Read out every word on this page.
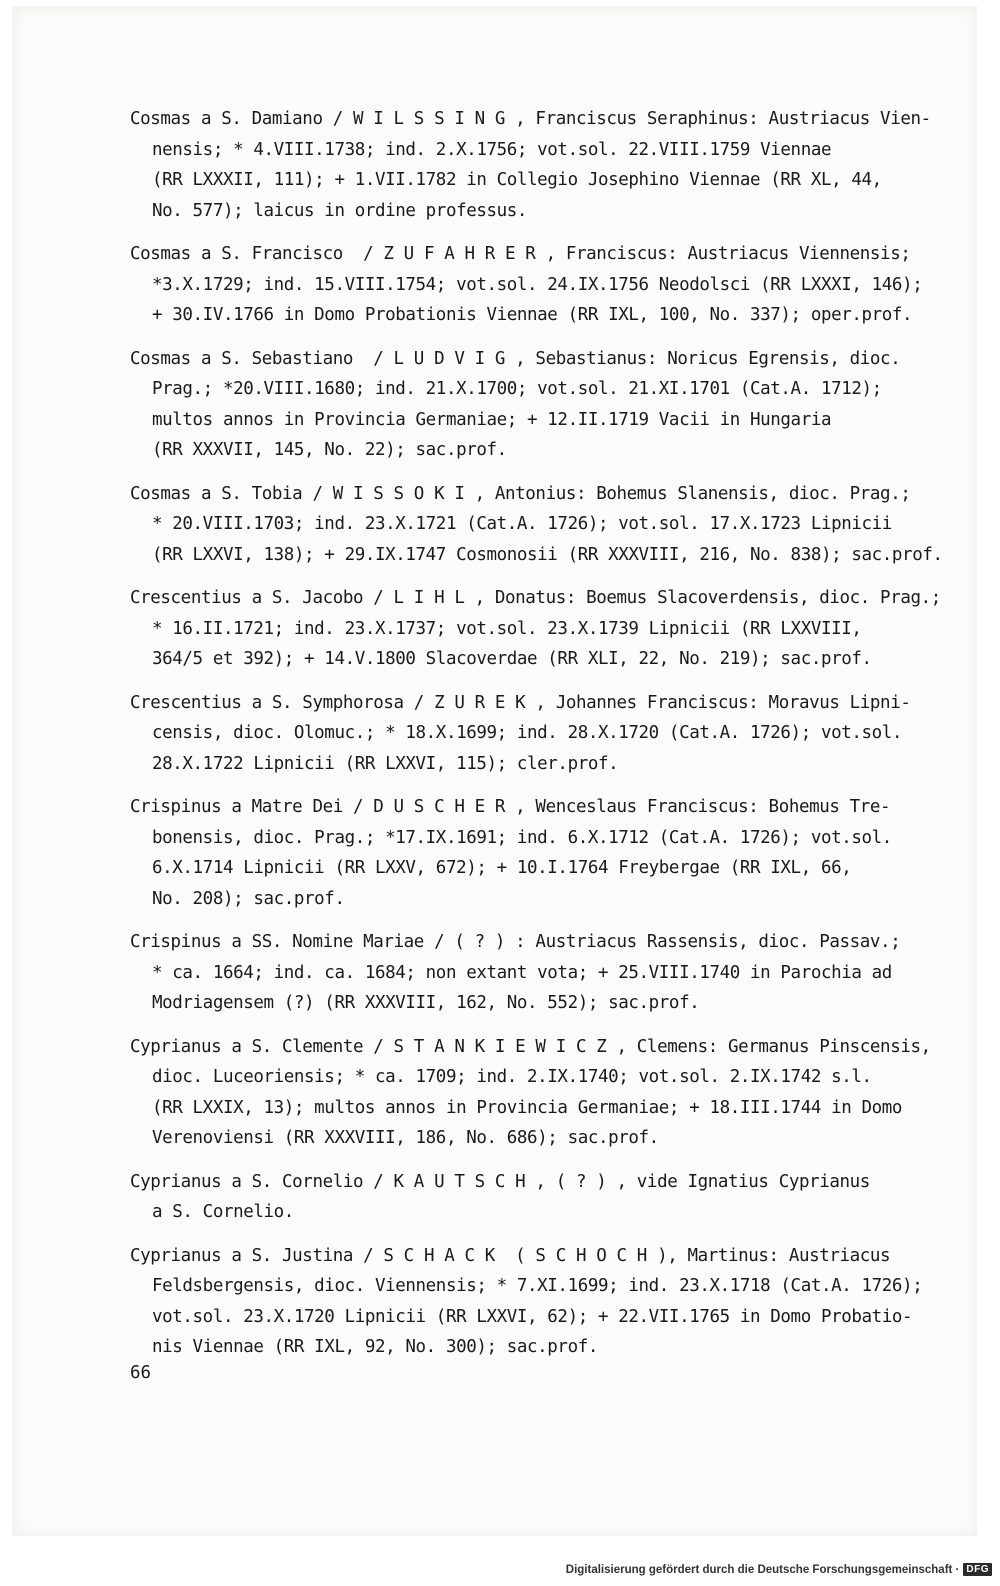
Cosmas a S. Damiano / W I L S S I N G , Franciscus Seraphinus: Austriacus Vien-
nensis; * 4.VIII.1738; ind. 2.X.1756; vot.sol. 22.VIII.1759 Viennae
(RR LXXXII, 111); + 1.VII.1782 in Collegio Josephino Viennae (RR XL, 44,
No. 577); laicus in ordine professus.
Cosmas a S. Francisco  / Z U F A H R E R , Franciscus: Austriacus Viennensis;
*3.X.1729; ind. 15.VIII.1754; vot.sol. 24.IX.1756 Neodolsci (RR LXXXI, 146);
+ 30.IV.1766 in Domo Probationis Viennae (RR IXL, 100, No. 337); oper.prof.
Cosmas a S. Sebastiano  / L U D V I G , Sebastianus: Noricus Egrensis, dioc.
Prag.; *20.VIII.1680; ind. 21.X.1700; vot.sol. 21.XI.1701 (Cat.A. 1712);
multos annos in Provincia Germaniae; + 12.II.1719 Vacii in Hungaria
(RR XXXVII, 145, No. 22); sac.prof.
Cosmas a S. Tobia / W I S S O K I , Antonius: Bohemus Slanensis, dioc. Prag.;
* 20.VIII.1703; ind. 23.X.1721 (Cat.A. 1726); vot.sol. 17.X.1723 Lipnicii
(RR LXXVI, 138); + 29.IX.1747 Cosmonosii (RR XXXVIII, 216, No. 838); sac.prof.
Crescentius a S. Jacobo / L I H L , Donatus: Boemus Slacoverdensis, dioc. Prag.;
* 16.II.1721; ind. 23.X.1737; vot.sol. 23.X.1739 Lipnicii (RR LXXVIII,
364/5 et 392); + 14.V.1800 Slacoverdae (RR XLI, 22, No. 219); sac.prof.
Crescentius a S. Symphorosa / Z U R E K , Johannes Franciscus: Moravus Lipni-
censis, dioc. Olomuc.; * 18.X.1699; ind. 28.X.1720 (Cat.A. 1726); vot.sol.
28.X.1722 Lipnicii (RR LXXVI, 115); cler.prof.
Crispinus a Matre Dei / D U S C H E R , Wenceslaus Franciscus: Bohemus Tre-
bonensis, dioc. Prag.; *17.IX.1691; ind. 6.X.1712 (Cat.A. 1726); vot.sol.
6.X.1714 Lipnicii (RR LXXV, 672); + 10.I.1764 Freybergae (RR IXL, 66,
No. 208); sac.prof.
Crispinus a SS. Nomine Mariae / ( ? ) : Austriacus Rassensis, dioc. Passav.;
* ca. 1664; ind. ca. 1684; non extant vota; + 25.VIII.1740 in Parochia ad
Modriagensem (?) (RR XXXVIII, 162, No. 552); sac.prof.
Cyprianus a S. Clemente / S T A N K I E W I C Z , Clemens: Germanus Pinscensis,
dioc. Luceoriensis; * ca. 1709; ind. 2.IX.1740; vot.sol. 2.IX.1742 s.l.
(RR LXXIX, 13); multos annos in Provincia Germaniae; + 18.III.1744 in Domo
Verenoviensi (RR XXXVIII, 186, No. 686); sac.prof.
Cyprianus a S. Cornelio / K A U T S C H , ( ? ) , vide Ignatius Cyprianus
a S. Cornelio.
Cyprianus a S. Justina / S C H A C K  ( S C H O C H ), Martinus: Austriacus
Feldsbergensis, dioc. Viennensis; * 7.XI.1699; ind. 23.X.1718 (Cat.A. 1726);
vot.sol. 23.X.1720 Lipnicii (RR LXXVI, 62); + 22.VII.1765 in Domo Probatio-
nis Viennae (RR IXL, 92, No. 300); sac.prof.
66
Digitalisierung gefördert durch die Deutsche Forschungsgemeinschaft · DFG
